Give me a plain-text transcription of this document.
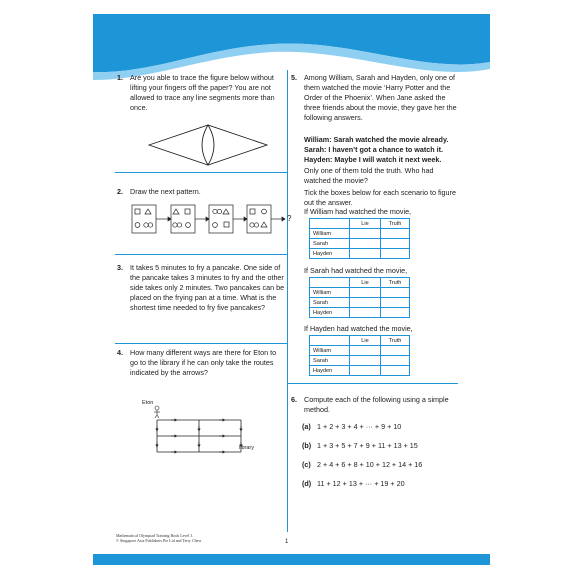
1. Are you able to trace the figure below without lifting your fingers off the paper? You are not allowed to trace any line segments more than once.
2. Draw the next pattern.
?
3. It takes 5 minutes to fry a pancake. One side of the pancake takes 3 minutes to fry and the other side takes only 2 minutes. Two pancakes can be placed on the frying pan at a time. What is the shortest time needed to fry five pancakes?
4. How many different ways are there for Eton to go to the library if he can only take the routes indicated by the arrows?
Eton
library
5. Among William, Sarah and Hayden, only one of them watched the movie ‘Harry Potter and the Order of the Phoenix’. When Jane asked the three friends about the movie, they gave her the following answers.
William: Sarah watched the movie already.
Sarah: I haven’t got a chance to watch it.
Hayden: Maybe I will watch it next week.
Only one of them told the truth. Who had watched the movie?
Tick the boxes below for each scenario to figure out the answer.
If William had watched the movie,
	Lie	Truth
William		
Sarah		
Hayden		
If Sarah had watched the movie,
	Lie	Truth
William		
Sarah		
Hayden		
If Hayden had watched the movie,
	Lie	Truth
William		
Sarah		
Hayden		
6. Compute each of the following using a simple method.
(a) 1 + 2 + 3 + 4 + ··· + 9 + 10
(b) 1 + 3 + 5 + 7 + 9 + 11 + 13 + 15
(c) 2 + 4 + 6 + 8 + 10 + 12 + 14 + 16
(d) 11 + 12 + 13 + ··· + 19 + 20
Mathematical Olympiad Training Book Level 3
© Singapore Asia Publishers Pte Ltd and Terry Chew	1
